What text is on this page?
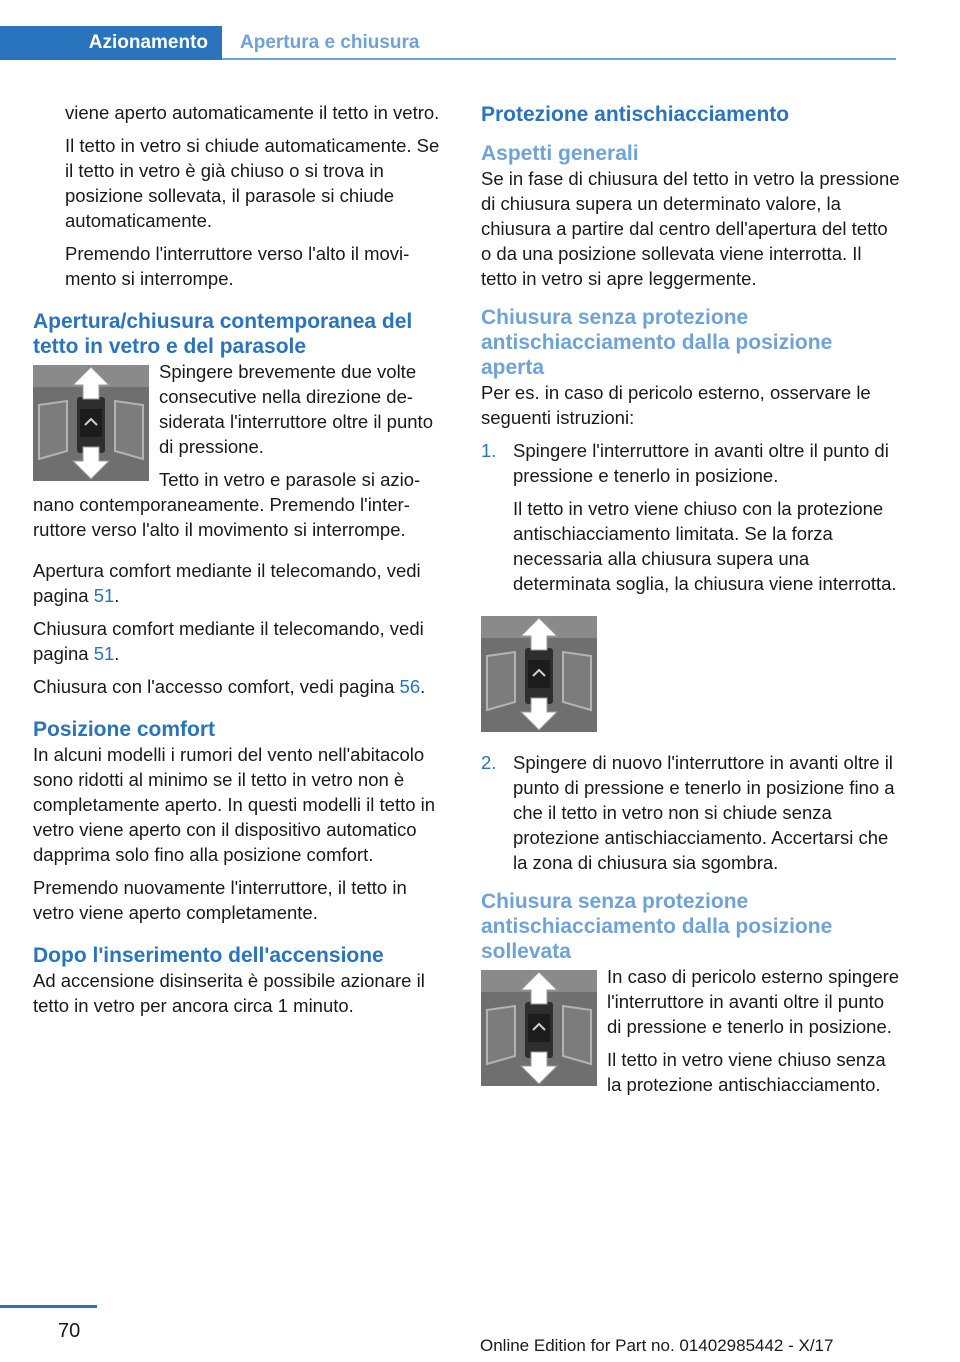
Azionamento	Apertura e chiusura

viene aperto automaticamente il tetto in vetro.

Il tetto in vetro si chiude automaticamente. Se il tetto in vetro è già chiuso o si trova in posizione sollevata, il parasole si chiude automaticamente.

Premendo l'interruttore verso l'alto il movimento si interrompe.

Apertura/chiusura contemporanea del tetto in vetro e del parasole

Spingere brevemente due volte consecutive nella direzione desiderata l'interruttore oltre il punto di pressione.

Tetto in vetro e parasole si azionano contemporaneamente. Premendo l'interruttore verso l'alto il movimento si interrompe.

Apertura comfort mediante il telecomando, vedi pagina 51.

Chiusura comfort mediante il telecomando, vedi pagina 51.

Chiusura con l'accesso comfort, vedi pagina 56.

Posizione comfort

In alcuni modelli i rumori del vento nell'abitacolo sono ridotti al minimo se il tetto in vetro non è completamente aperto. In questi modelli il tetto in vetro viene aperto con il dispositivo automatico dapprima solo fino alla posizione comfort.

Premendo nuovamente l'interruttore, il tetto in vetro viene aperto completamente.

Dopo l'inserimento dell'accensione

Ad accensione disinserita è possibile azionare il tetto in vetro per ancora circa 1 minuto.

Protezione antischiacciamento
Aspetti generali

Se in fase di chiusura del tetto in vetro la pressione di chiusura supera un determinato valore, la chiusura a partire dal centro dell'apertura del tetto o da una posizione sollevata viene interrotta. Il tetto in vetro si apre leggermente.

Chiusura senza protezione antischiacciamento dalla posizione aperta

Per es. in caso di pericolo esterno, osservare le seguenti istruzioni:

1. Spingere l'interruttore in avanti oltre il punto di pressione e tenerlo in posizione.

Il tetto in vetro viene chiuso con la protezione antischiacciamento limitata. Se la forza necessaria alla chiusura supera una determinata soglia, la chiusura viene interrotta.

2. Spingere di nuovo l'interruttore in avanti oltre il punto di pressione e tenerlo in posizione fino a che il tetto in vetro non si chiude senza protezione antischiacciamento. Accertarsi che la zona di chiusura sia sgombra.

Chiusura senza protezione antischiacciamento dalla posizione sollevata

In caso di pericolo esterno spingere l'interruttore in avanti oltre il punto di pressione e tenerlo in posizione.

Il tetto in vetro viene chiuso senza la protezione antischiacciamento.

70
Online Edition for Part no. 01402985442 - X/17
